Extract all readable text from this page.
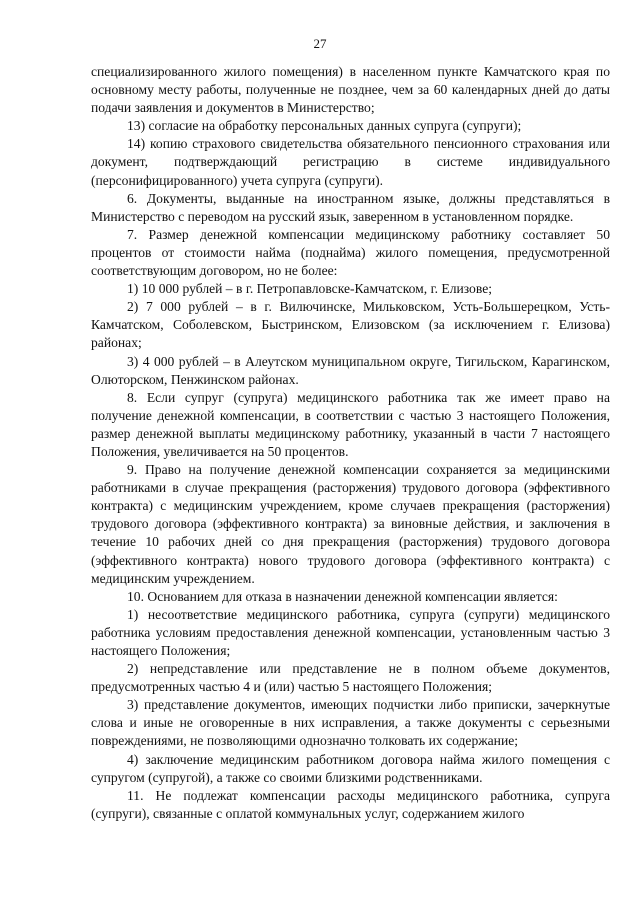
27

специализированного жилого помещения) в населенном пункте Камчатского края по основному месту работы, полученные не позднее, чем за 60 календарных дней до даты подачи заявления и документов в Министерство;

13) согласие на обработку персональных данных супруга (супруги);

14) копию страхового свидетельства обязательного пенсионного страхования или документ, подтверждающий регистрацию в системе индивидуального (персонифицированного) учета супруга (супруги).

6. Документы, выданные на иностранном языке, должны представляться в Министерство с переводом на русский язык, заверенном в установленном порядке.

7. Размер денежной компенсации медицинскому работнику составляет 50 процентов от стоимости найма (поднайма) жилого помещения, предусмотренной соответствующим договором, но не более:

1) 10 000 рублей – в г. Петропавловске-Камчатском, г. Елизове;

2) 7 000 рублей – в г. Вилючинске, Мильковском, Усть-Большерецком, Усть-Камчатском, Соболевском, Быстринском, Елизовском (за исключением г. Елизова) районах;

3) 4 000 рублей – в Алеутском муниципальном округе, Тигильском, Карагинском, Олюторском, Пенжинском районах.

8. Если супруг (супруга) медицинского работника так же имеет право на получение денежной компенсации, в соответствии с частью 3 настоящего Положения, размер денежной выплаты медицинскому работнику, указанный в части 7 настоящего Положения, увеличивается на 50 процентов.

9. Право на получение денежной компенсации сохраняется за медицинскими работниками в случае прекращения (расторжения) трудового договора (эффективного контракта) с медицинским учреждением, кроме случаев прекращения (расторжения) трудового договора (эффективного контракта) за виновные действия, и заключения в течение 10 рабочих дней со дня прекращения (расторжения) трудового договора (эффективного контракта) нового трудового договора (эффективного контракта) с медицинским учреждением.

10. Основанием для отказа в назначении денежной компенсации является:

1) несоответствие медицинского работника, супруга (супруги) медицинского работника условиям предоставления денежной компенсации, установленным частью 3 настоящего Положения;

2) непредставление или представление не в полном объеме документов, предусмотренных частью 4 и (или) частью 5 настоящего Положения;

3) представление документов, имеющих подчистки либо приписки, зачеркнутые слова и иные не оговоренные в них исправления, а также документы с серьезными повреждениями, не позволяющими однозначно толковать их содержание;

4) заключение медицинским работником договора найма жилого помещения с супругом (супругой), а также со своими близкими родственниками.

11. Не подлежат компенсации расходы медицинского работника, супруга (супруги), связанные с оплатой коммунальных услуг, содержанием жилого
